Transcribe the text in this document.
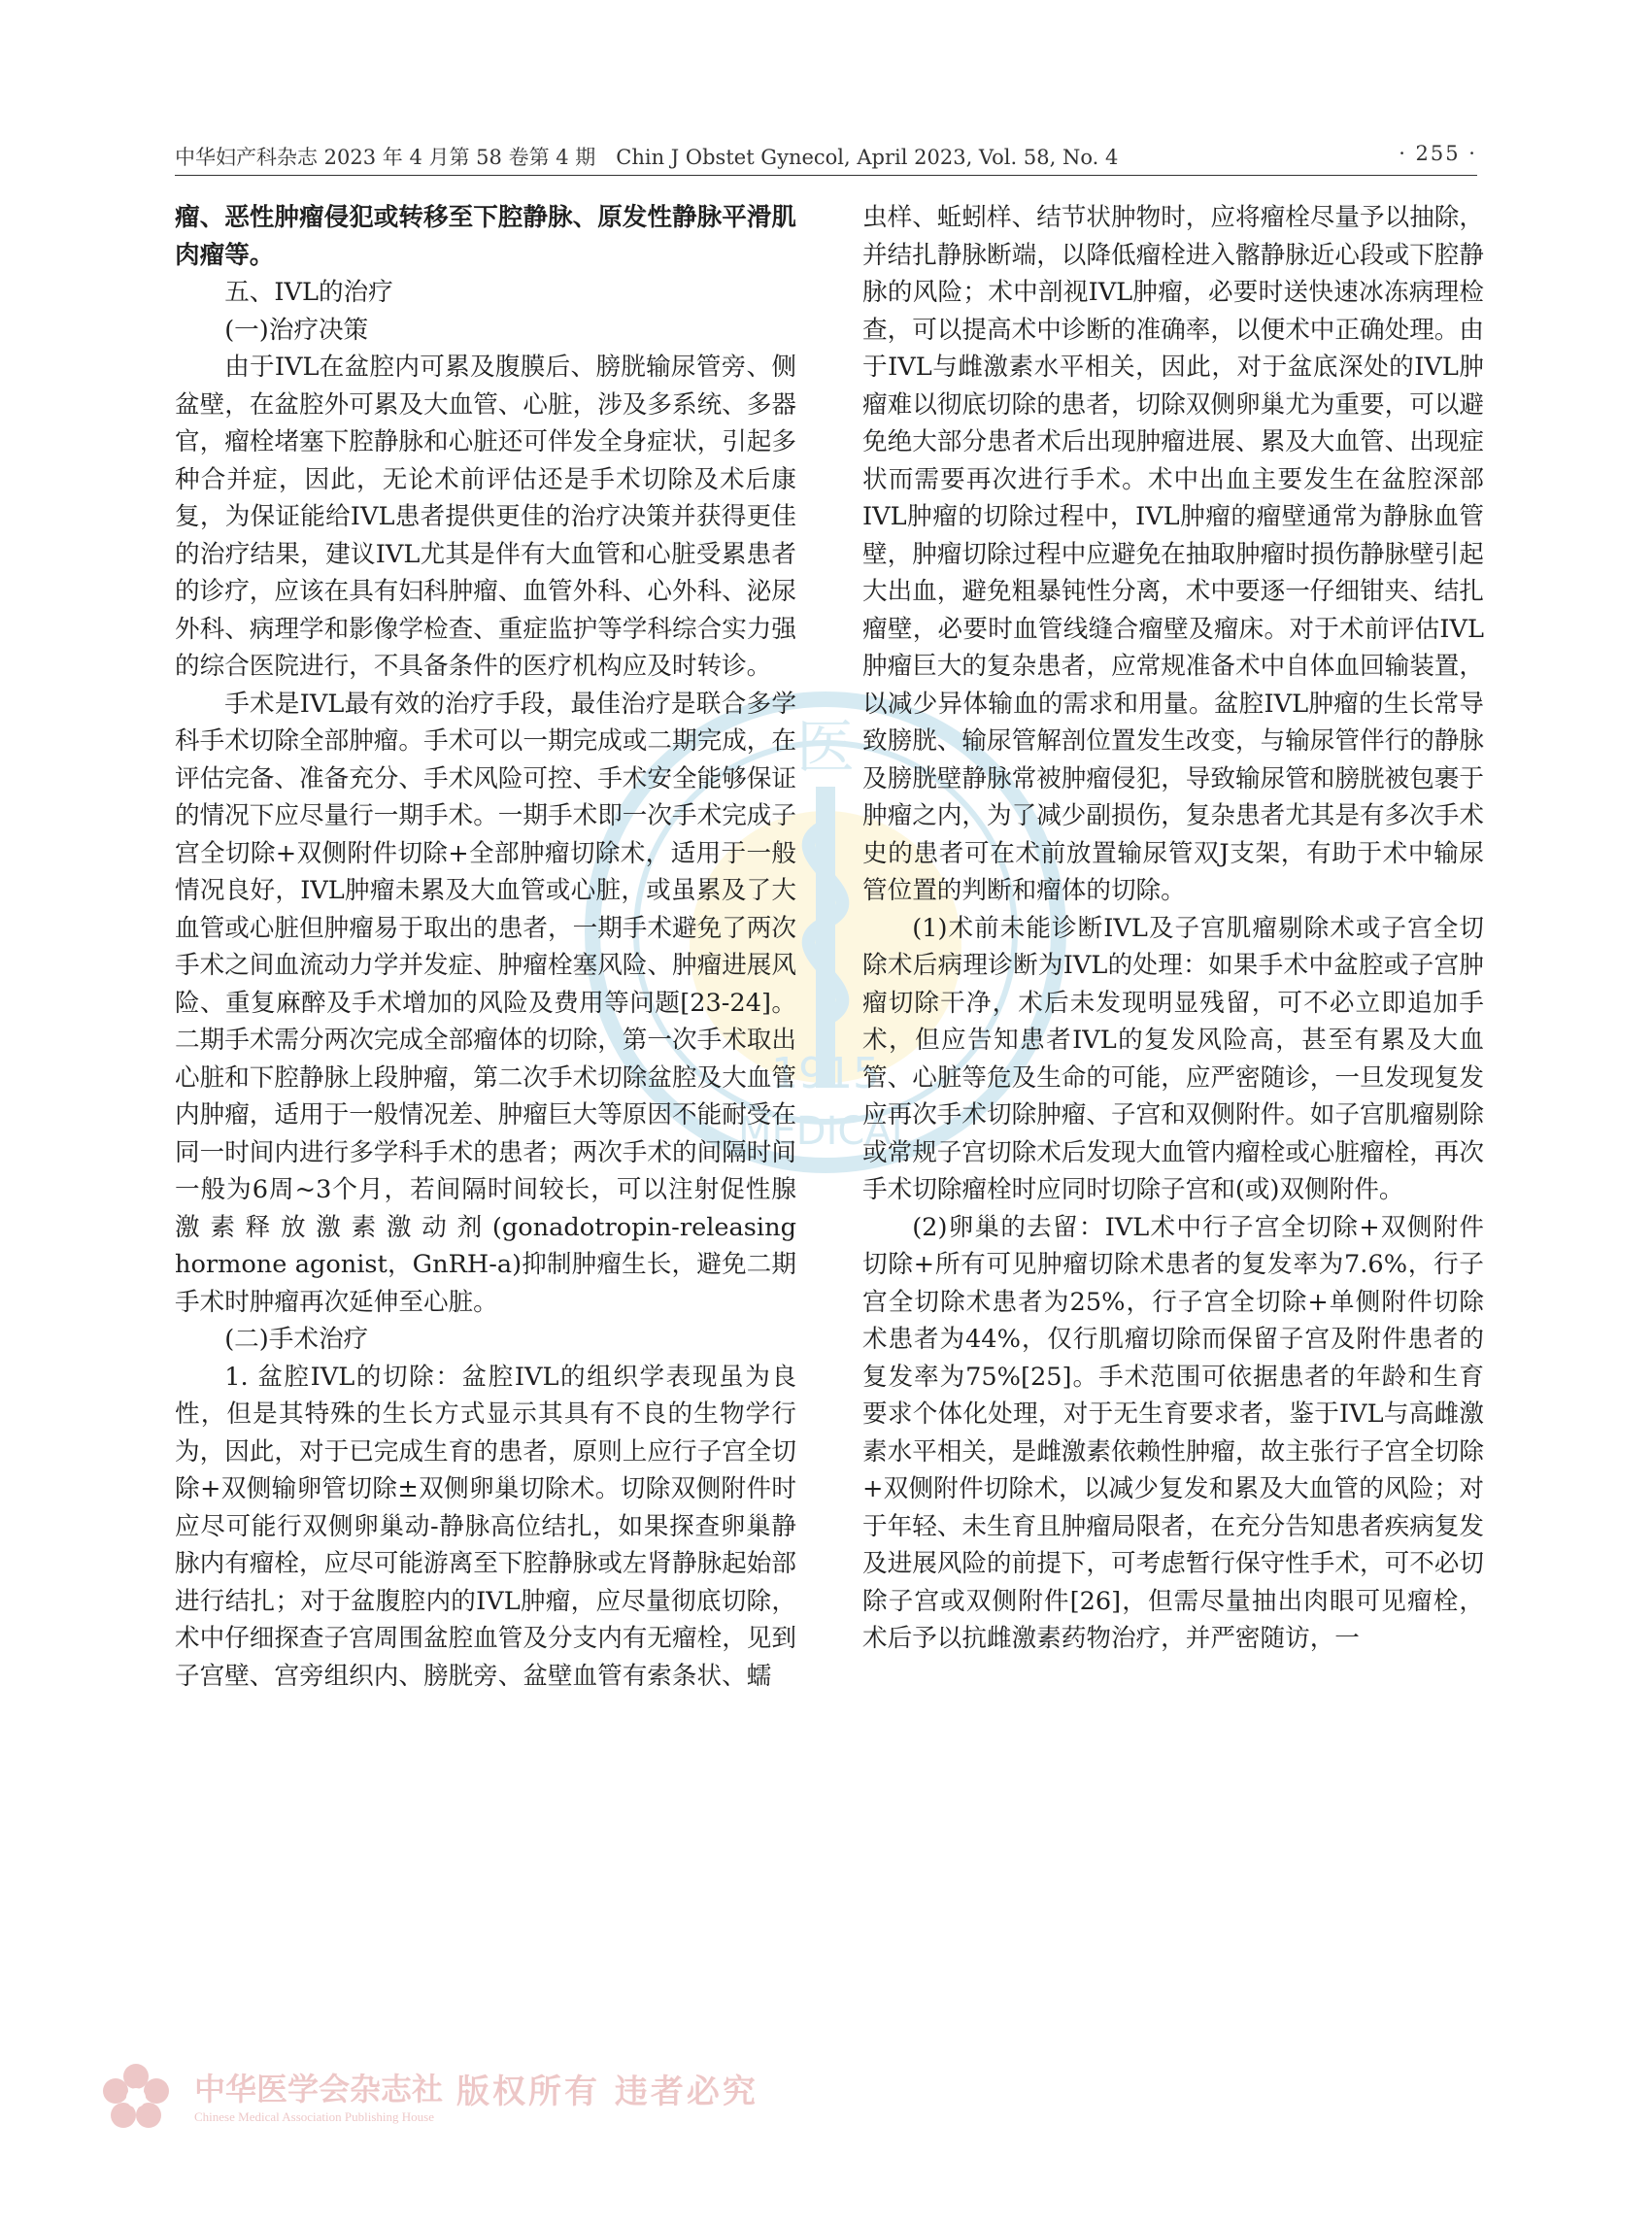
中华妇产科杂志 2023 年 4 月第 58 卷第 4 期　Chin J Obstet Gynecol, April 2023, Vol. 58, No. 4	· 255 ·
医
1915
MEDICAL

瘤、恶性肿瘤侵犯或转移至下腔静脉、原发性静脉平滑肌肉瘤等。

五、IVL的治疗

(一)治疗决策

由于IVL在盆腔内可累及腹膜后、膀胱输尿管旁、侧盆壁，在盆腔外可累及大血管、心脏，涉及多系统、多器官，瘤栓堵塞下腔静脉和心脏还可伴发全身症状，引起多种合并症，因此，无论术前评估还是手术切除及术后康复，为保证能给IVL患者提供更佳的治疗决策并获得更佳的治疗结果，建议IVL尤其是伴有大血管和心脏受累患者的诊疗，应该在具有妇科肿瘤、血管外科、心外科、泌尿外科、病理学和影像学检查、重症监护等学科综合实力强的综合医院进行，不具备条件的医疗机构应及时转诊。

手术是IVL最有效的治疗手段，最佳治疗是联合多学科手术切除全部肿瘤。手术可以一期完成或二期完成，在评估完备、准备充分、手术风险可控、手术安全能够保证的情况下应尽量行一期手术。一期手术即一次手术完成子宫全切除+双侧附件切除+全部肿瘤切除术，适用于一般情况良好，IVL肿瘤未累及大血管或心脏，或虽累及了大血管或心脏但肿瘤易于取出的患者，一期手术避免了两次手术之间血流动力学并发症、肿瘤栓塞风险、肿瘤进展风险、重复麻醉及手术增加的风险及费用等问题[23-24]。二期手术需分两次完成全部瘤体的切除，第一次手术取出心脏和下腔静脉上段肿瘤，第二次手术切除盆腔及大血管内肿瘤，适用于一般情况差、肿瘤巨大等原因不能耐受在同一时间内进行多学科手术的患者；两次手术的间隔时间一般为6周~3个月，若间隔时间较长，可以注射促性腺激素释放激素激动剂(gonadotropin-releasing hormone agonist，GnRH-a)抑制肿瘤生长，避免二期手术时肿瘤再次延伸至心脏。

(二)手术治疗

1. 盆腔IVL的切除：盆腔IVL的组织学表现虽为良性，但是其特殊的生长方式显示其具有不良的生物学行为，因此，对于已完成生育的患者，原则上应行子宫全切除+双侧输卵管切除±双侧卵巢切除术。切除双侧附件时应尽可能行双侧卵巢动-静脉高位结扎，如果探查卵巢静脉内有瘤栓，应尽可能游离至下腔静脉或左肾静脉起始部进行结扎；对于盆腹腔内的IVL肿瘤，应尽量彻底切除，术中仔细探查子宫周围盆腔血管及分支内有无瘤栓，见到子宫壁、宫旁组织内、膀胱旁、盆壁血管有索条状、蠕

虫样、蚯蚓样、结节状肿物时，应将瘤栓尽量予以抽除，并结扎静脉断端，以降低瘤栓进入髂静脉近心段或下腔静脉的风险；术中剖视IVL肿瘤，必要时送快速冰冻病理检查，可以提高术中诊断的准确率，以便术中正确处理。由于IVL与雌激素水平相关，因此，对于盆底深处的IVL肿瘤难以彻底切除的患者，切除双侧卵巢尤为重要，可以避免绝大部分患者术后出现肿瘤进展、累及大血管、出现症状而需要再次进行手术。术中出血主要发生在盆腔深部IVL肿瘤的切除过程中，IVL肿瘤的瘤壁通常为静脉血管壁，肿瘤切除过程中应避免在抽取肿瘤时损伤静脉壁引起大出血，避免粗暴钝性分离，术中要逐一仔细钳夹、结扎瘤壁，必要时血管线缝合瘤壁及瘤床。对于术前评估IVL肿瘤巨大的复杂患者，应常规准备术中自体血回输装置，以减少异体输血的需求和用量。盆腔IVL肿瘤的生长常导致膀胱、输尿管解剖位置发生改变，与输尿管伴行的静脉及膀胱壁静脉常被肿瘤侵犯，导致输尿管和膀胱被包裹于肿瘤之内，为了减少副损伤，复杂患者尤其是有多次手术史的患者可在术前放置输尿管双J支架，有助于术中输尿管位置的判断和瘤体的切除。

(1)术前未能诊断IVL及子宫肌瘤剔除术或子宫全切除术后病理诊断为IVL的处理：如果手术中盆腔或子宫肿瘤切除干净，术后未发现明显残留，可不必立即追加手术，但应告知患者IVL的复发风险高，甚至有累及大血管、心脏等危及生命的可能，应严密随诊，一旦发现复发应再次手术切除肿瘤、子宫和双侧附件。如子宫肌瘤剔除或常规子宫切除术后发现大血管内瘤栓或心脏瘤栓，再次手术切除瘤栓时应同时切除子宫和(或)双侧附件。

(2)卵巢的去留：IVL术中行子宫全切除+双侧附件切除+所有可见肿瘤切除术患者的复发率为7.6%，行子宫全切除术患者为25%，行子宫全切除+单侧附件切除术患者为44%，仅行肌瘤切除而保留子宫及附件患者的复发率为75%[25]。手术范围可依据患者的年龄和生育要求个体化处理，对于无生育要求者，鉴于IVL与高雌激素水平相关，是雌激素依赖性肿瘤，故主张行子宫全切除+双侧附件切除术，以减少复发和累及大血管的风险；对于年轻、未生育且肿瘤局限者，在充分告知患者疾病复发及进展风险的前提下，可考虑暂行保守性手术，可不必切除子宫或双侧附件[26]，但需尽量抽出肉眼可见瘤栓，术后予以抗雌激素药物治疗，并严密随访，一

中华医学会杂志社
Chinese Medical Association Publishing House
版权所有 违者必究
